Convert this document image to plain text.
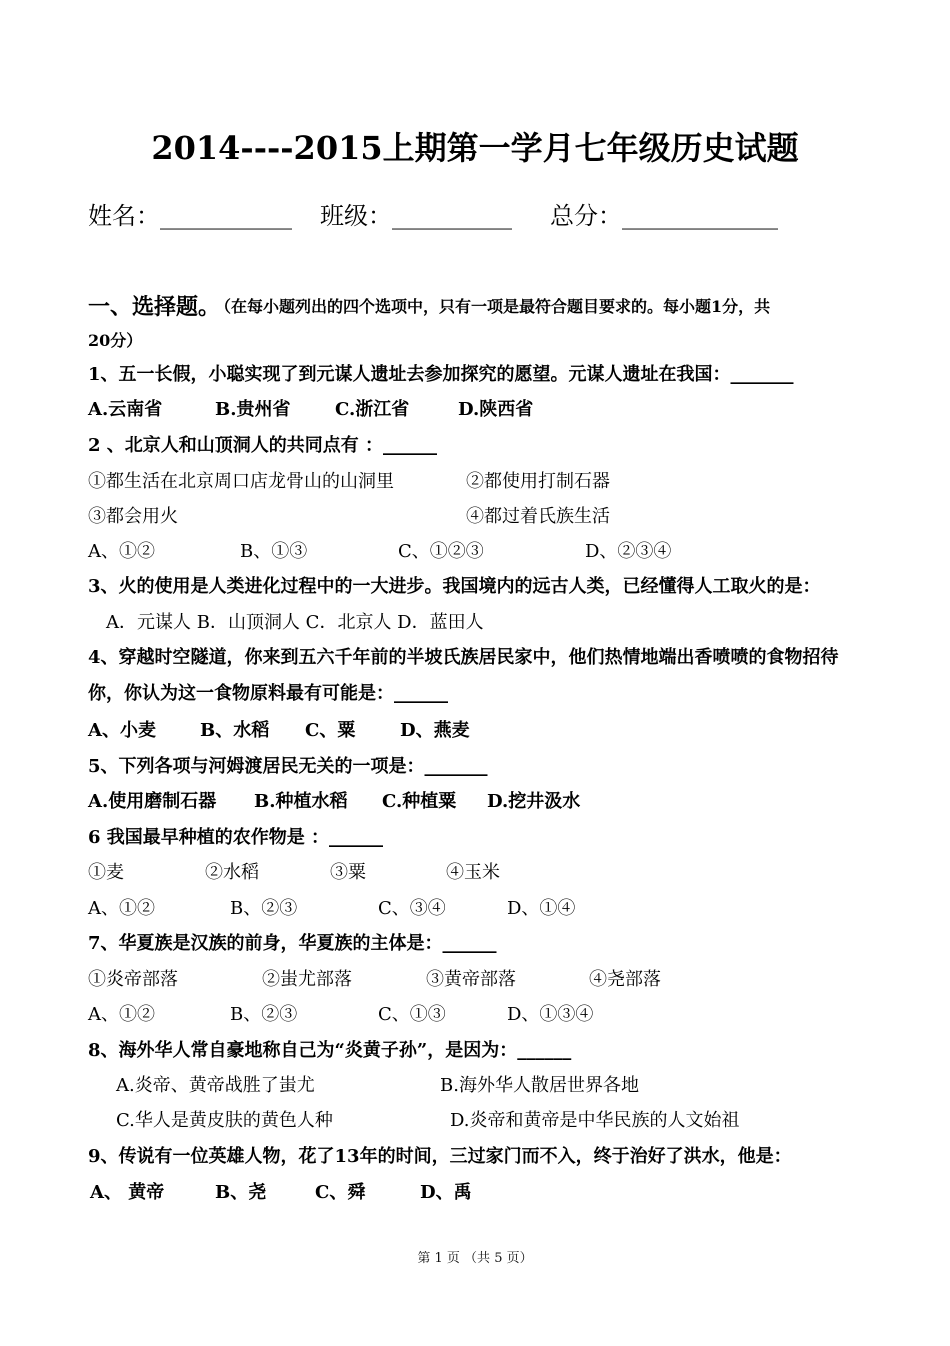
2014----2015上期第一学月七年级历史试题
姓名：___________ 班级：__________ 总分：_____________
一、选择题。
（在每小题列出的四个选项中，只有一项是最符合题目要求的。每小题1分，共
20分）
1、五一长假，小聪实现了到元谋人遗址去参加探究的愿望。元谋人遗址在我国：_______
A.云南省	B.贵州省 C.浙江省	D.陕西省
2 、北京人和山顶洞人的共同点有 ：______
①都生活在北京周口店龙骨山的山洞里	②都使用打制石器
③都会用火	④都过着氏族生活
A、①②	B、①③	C、①②③	D、②③④
3、火的使用是人类进化过程中的一大进步。我国境内的远古人类，已经懂得人工取火的是：
A．元谋人 B．山顶洞人 C．北京人 D．蓝田人
4、穿越时空隧道，你来到五六千年前的半坡氏族居民家中，他们热情地端出香喷喷的食物招待
你，你认为这一食物原料最有可能是：______
A、小麦 B、水稻 C、粟 D、燕麦
5、下列各项与河姆渡居民无关的一项是：_______
A.使用磨制石器 B.种植水稻 C.种植粟 D.挖井汲水
6 我国最早种植的农作物是 ：______
①麦	②水稻	③粟	④玉米
A、①②	B、②③	C、③④	D、①④
7、华夏族是汉族的前身，华夏族的主体是：______
①炎帝部落	②蚩尤部落	③黄帝部落	④尧部落
A、①②	B、②③	C、①③	D、①③④
8、海外华人常自豪地称自己为“炎黄子孙”，是因为：______
A.炎帝、黄帝战胜了蚩尤	B.海外华人散居世界各地
C.华人是黄皮肤的黄色人种	D.炎帝和黄帝是中华民族的人文始祖
9、传说有一位英雄人物，花了13年的时间，三过家门而不入，终于治好了洪水，他是：
A、 黄帝	B、尧	C、舜	D、禹
第 1 页 （共 5 页）
